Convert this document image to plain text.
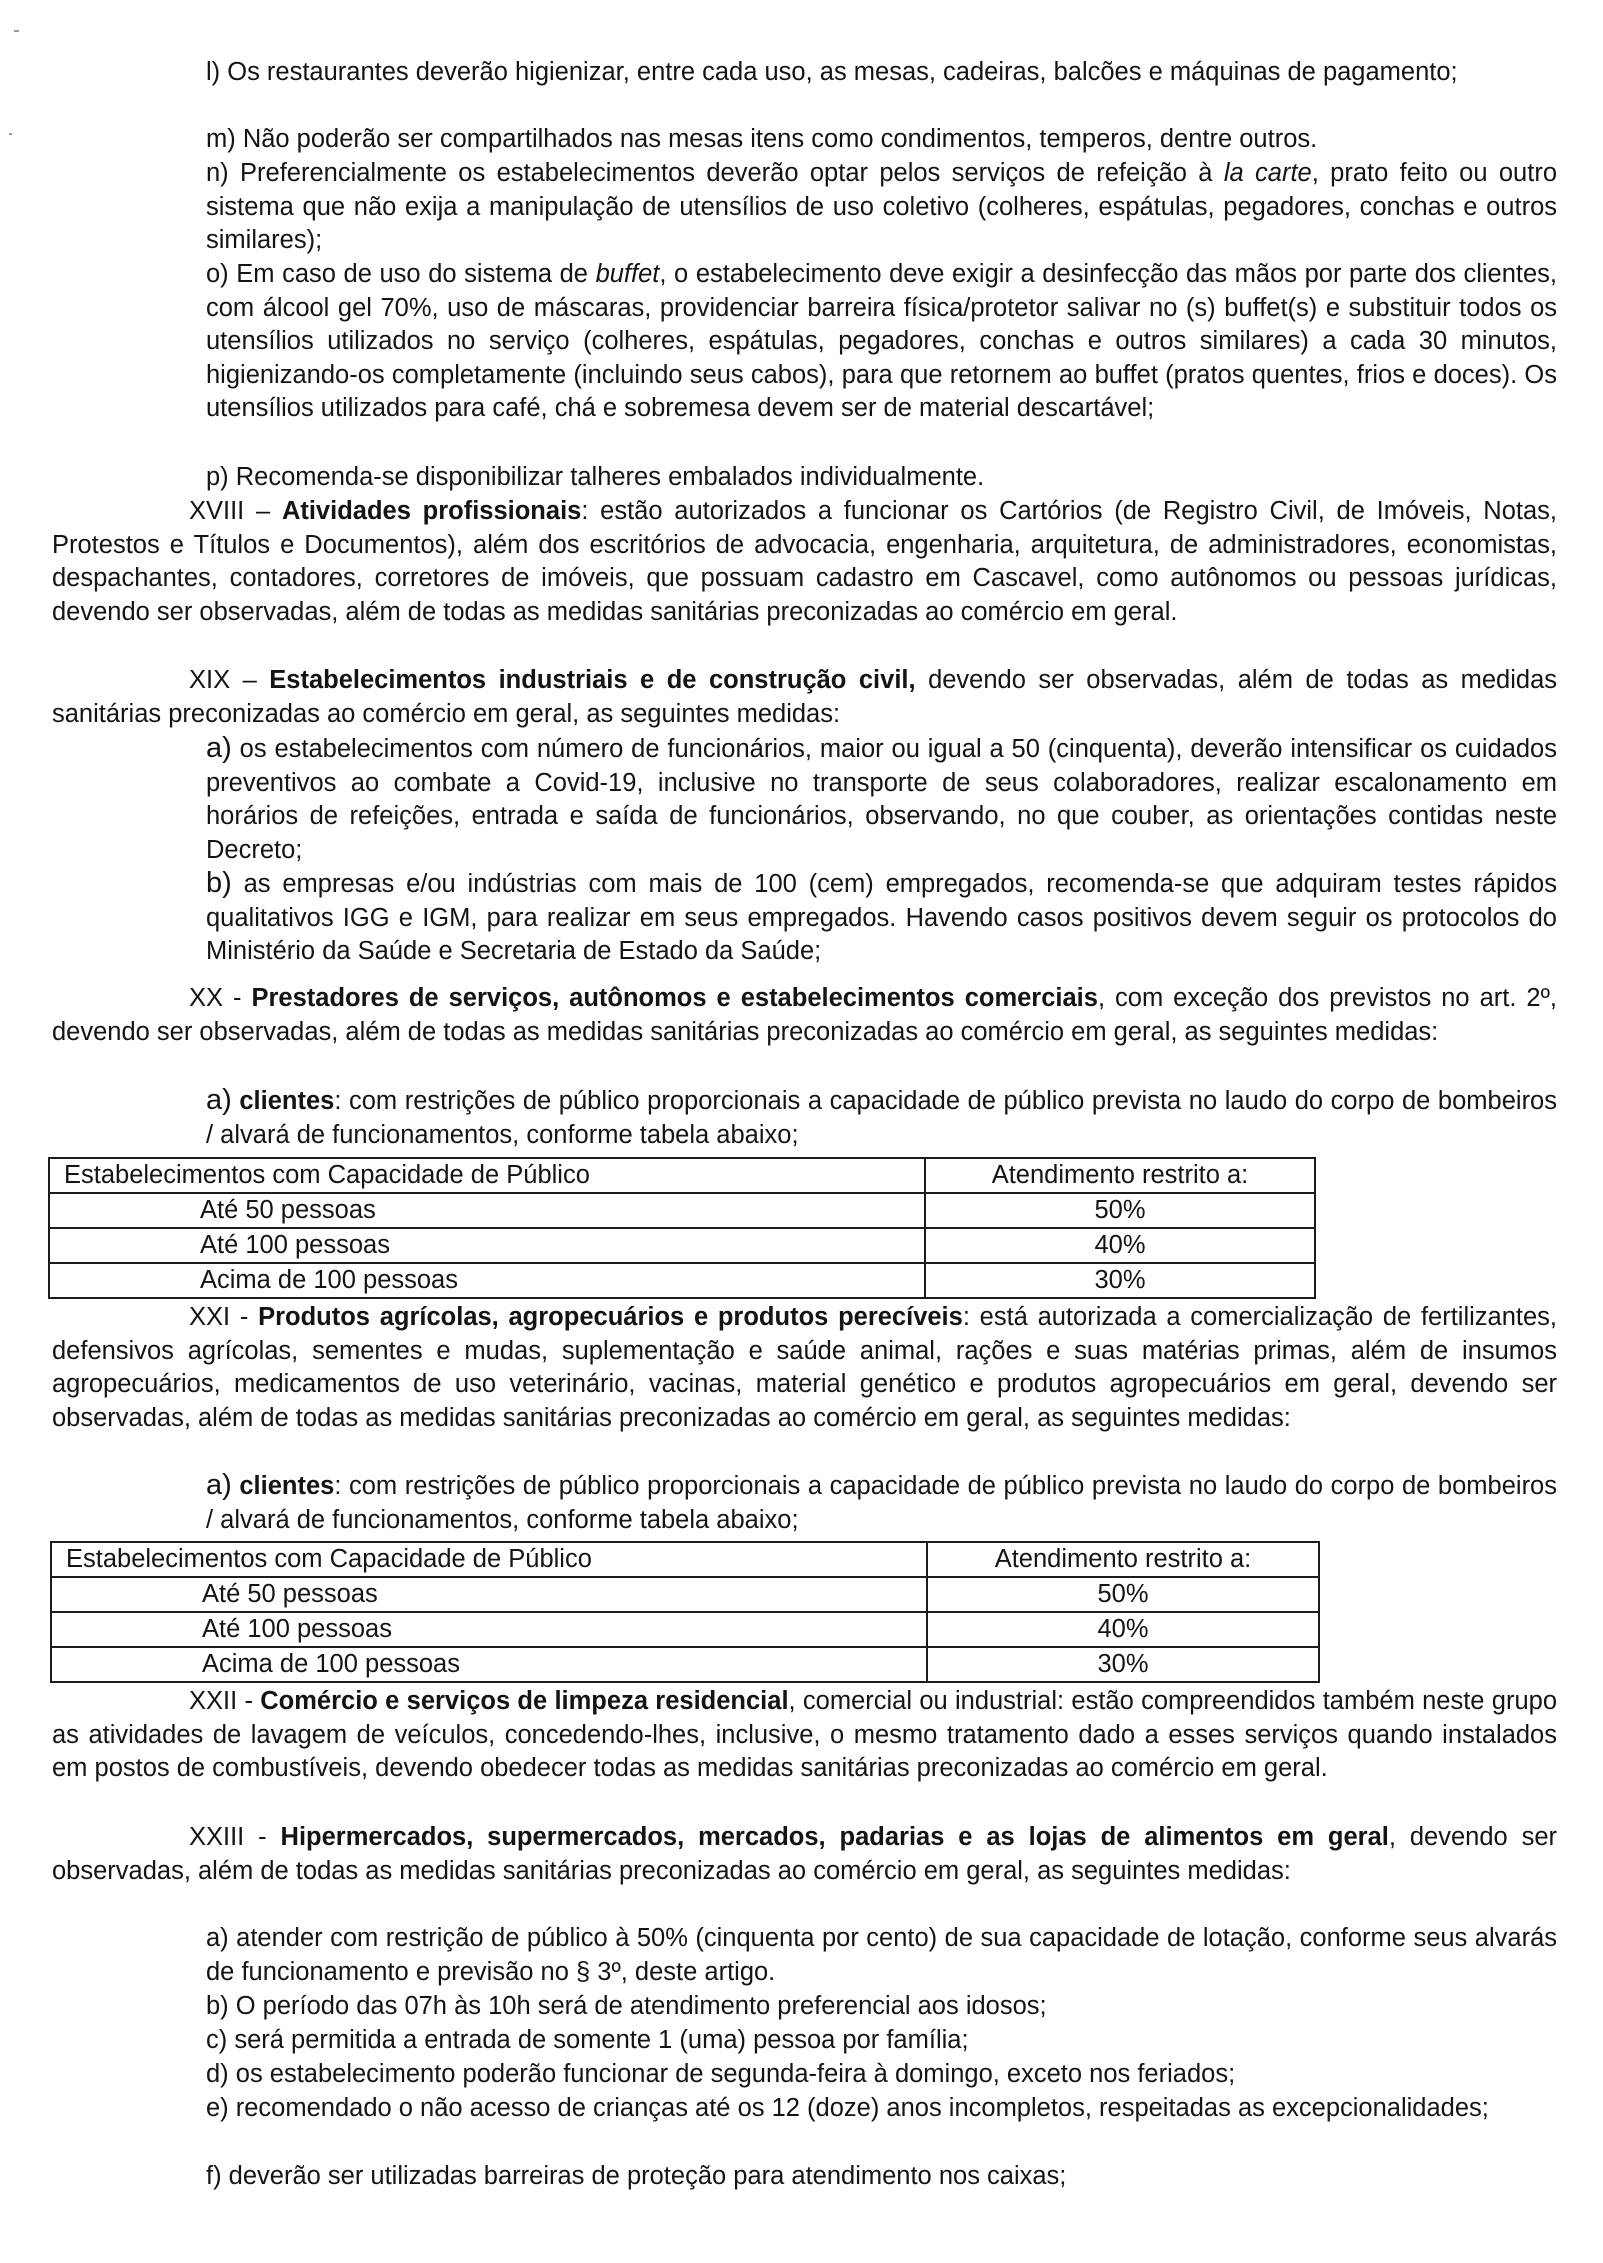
l) Os restaurantes deverão higienizar, entre cada uso, as mesas, cadeiras, balcões e máquinas de pagamento;
m) Não poderão ser compartilhados nas mesas itens como condimentos, temperos, dentre outros.
n) Preferencialmente os estabelecimentos deverão optar pelos serviços de refeição à la carte, prato feito ou outro sistema que não exija a manipulação de utensílios de uso coletivo (colheres, espátulas, pegadores, conchas e outros similares);
o) Em caso de uso do sistema de buffet, o estabelecimento deve exigir a desinfecção das mãos por parte dos clientes, com álcool gel 70%, uso de máscaras, providenciar barreira física/protetor salivar no (s) buffet(s) e substituir todos os utensílios utilizados no serviço (colheres, espátulas, pegadores, conchas e outros similares) a cada 30 minutos, higienizando-os completamente (incluindo seus cabos), para que retornem ao buffet (pratos quentes, frios e doces). Os utensílios utilizados para café, chá e sobremesa devem ser de material descartável;
p) Recomenda-se disponibilizar talheres embalados individualmente.
XVIII – Atividades profissionais: estão autorizados a funcionar os Cartórios (de Registro Civil, de Imóveis, Notas, Protestos e Títulos e Documentos), além dos escritórios de advocacia, engenharia, arquitetura, de administradores, economistas, despachantes, contadores, corretores de imóveis, que possuam cadastro em Cascavel, como autônomos ou pessoas jurídicas, devendo ser observadas, além de todas as medidas sanitárias preconizadas ao comércio em geral.
XIX – Estabelecimentos industriais e de construção civil, devendo ser observadas, além de todas as medidas sanitárias preconizadas ao comércio em geral, as seguintes medidas:
a) os estabelecimentos com número de funcionários, maior ou igual a 50 (cinquenta), deverão intensificar os cuidados preventivos ao combate a Covid-19, inclusive no transporte de seus colaboradores, realizar escalonamento em horários de refeições, entrada e saída de funcionários, observando, no que couber, as orientações contidas neste Decreto;
b) as empresas e/ou indústrias com mais de 100 (cem) empregados, recomenda-se que adquiram testes rápidos qualitativos IGG e IGM, para realizar em seus empregados. Havendo casos positivos devem seguir os protocolos do Ministério da Saúde e Secretaria de Estado da Saúde;
XX - Prestadores de serviços, autônomos e estabelecimentos comerciais, com exceção dos previstos no art. 2º, devendo ser observadas, além de todas as medidas sanitárias preconizadas ao comércio em geral, as seguintes medidas:
a) clientes: com restrições de público proporcionais a capacidade de público prevista no laudo do corpo de bombeiros / alvará de funcionamentos, conforme tabela abaixo;
Estabelecimentos com Capacidade de Público	Atendimento restrito a:
Até 50 pessoas	50%
Até 100 pessoas	40%
Acima de 100 pessoas	30%
XXI - Produtos agrícolas, agropecuários e produtos perecíveis: está autorizada a comercialização de fertilizantes, defensivos agrícolas, sementes e mudas, suplementação e saúde animal, rações e suas matérias primas, além de insumos agropecuários, medicamentos de uso veterinário, vacinas, material genético e produtos agropecuários em geral, devendo ser observadas, além de todas as medidas sanitárias preconizadas ao comércio em geral, as seguintes medidas:
a) clientes: com restrições de público proporcionais a capacidade de público prevista no laudo do corpo de bombeiros / alvará de funcionamentos, conforme tabela abaixo;
Estabelecimentos com Capacidade de Público	Atendimento restrito a:
Até 50 pessoas	50%
Até 100 pessoas	40%
Acima de 100 pessoas	30%
XXII - Comércio e serviços de limpeza residencial, comercial ou industrial: estão compreendidos também neste grupo as atividades de lavagem de veículos, concedendo-lhes, inclusive, o mesmo tratamento dado a esses serviços quando instalados em postos de combustíveis, devendo obedecer todas as medidas sanitárias preconizadas ao comércio em geral.
XXIII - Hipermercados, supermercados, mercados, padarias e as lojas de alimentos em geral, devendo ser observadas, além de todas as medidas sanitárias preconizadas ao comércio em geral, as seguintes medidas:
a) atender com restrição de público à 50% (cinquenta por cento) de sua capacidade de lotação, conforme seus alvarás de funcionamento e previsão no § 3º, deste artigo.
b) O período das 07h às 10h será de atendimento preferencial aos idosos;
c) será permitida a entrada de somente 1 (uma) pessoa por família;
d) os estabelecimento poderão funcionar de segunda-feira à domingo, exceto nos feriados;
e) recomendado o não acesso de crianças até os 12 (doze) anos incompletos, respeitadas as excepcionalidades;
f) deverão ser utilizadas barreiras de proteção para atendimento nos caixas;
